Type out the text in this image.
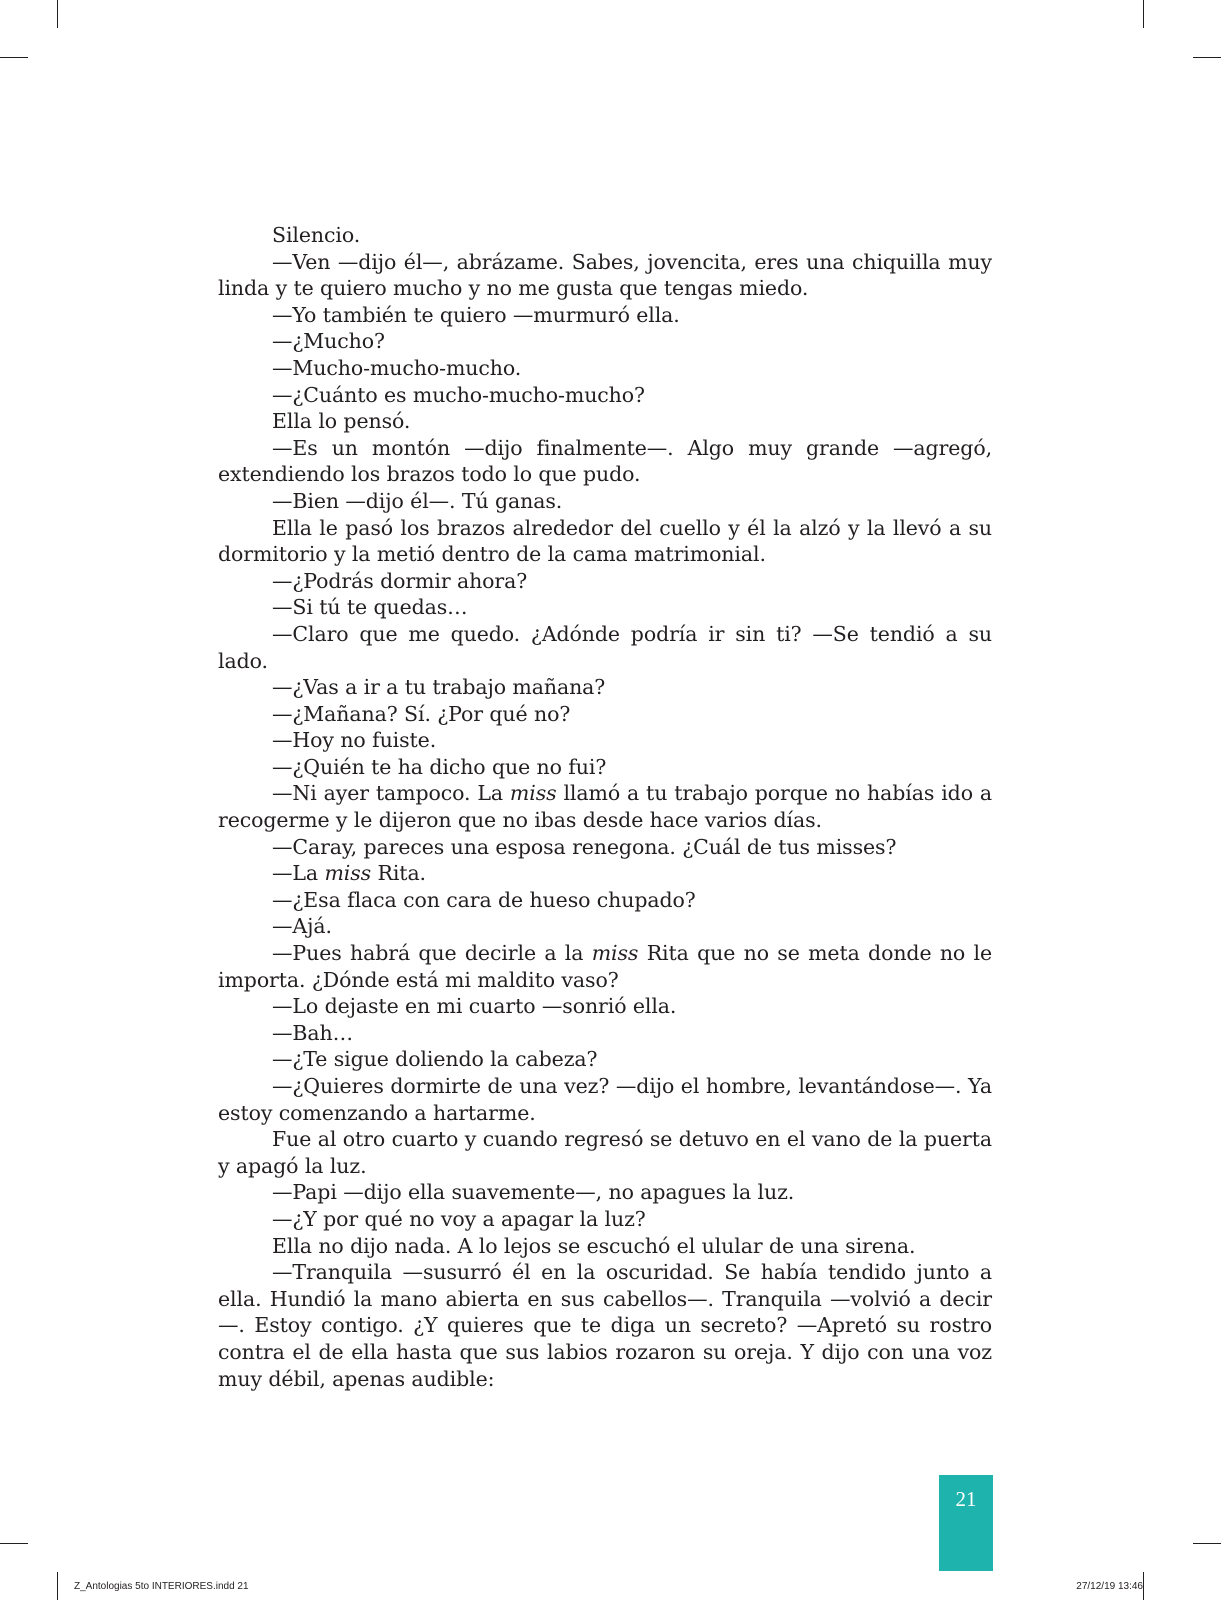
Silencio.

—Ven —dijo él—, abrázame. Sabes, jovencita, eres una chiquilla muy linda y te quiero mucho y no me gusta que tengas miedo.

—Yo también te quiero —murmuró ella.

—¿Mucho?

—Mucho-mucho-mucho.

—¿Cuánto es mucho-mucho-mucho?

Ella lo pensó.

—Es un montón —dijo finalmente—. Algo muy grande —agregó, extendiendo los brazos todo lo que pudo.

—Bien —dijo él—. Tú ganas.

Ella le pasó los brazos alrededor del cuello y él la alzó y la llevó a su dormitorio y la metió dentro de la cama matrimonial.

—¿Podrás dormir ahora?

—Si tú te quedas…

—Claro que me quedo. ¿Adónde podría ir sin ti? —Se tendió a su lado.

—¿Vas a ir a tu trabajo mañana?

—¿Mañana? Sí. ¿Por qué no?

—Hoy no fuiste.

—¿Quién te ha dicho que no fui?

—Ni ayer tampoco. La miss llamó a tu trabajo porque no habías ido a recogerme y le dijeron que no ibas desde hace varios días.

—Caray, pareces una esposa renegona. ¿Cuál de tus misses?

—La miss Rita.

—¿Esa flaca con cara de hueso chupado?

—Ajá.

—Pues habrá que decirle a la miss Rita que no se meta donde no le importa. ¿Dónde está mi maldito vaso?

—Lo dejaste en mi cuarto —sonrió ella.

—Bah…

—¿Te sigue doliendo la cabeza?

—¿Quieres dormirte de una vez? —dijo el hombre, levantándose—. Ya estoy comenzando a hartarme.

Fue al otro cuarto y cuando regresó se detuvo en el vano de la puerta y apagó la luz.

—Papi —dijo ella suavemente—, no apagues la luz.

—¿Y por qué no voy a apagar la luz?

Ella no dijo nada. A lo lejos se escuchó el ulular de una sirena.

—Tranquila —susurró él en la oscuridad. Se había tendido junto a ella. Hundió la mano abierta en sus cabellos—. Tranquila —volvió a decir—. Estoy contigo. ¿Y quieres que te diga un secreto? —Apretó su rostro contra el de ella hasta que sus labios rozaron su oreja. Y dijo con una voz muy débil, apenas audible:

21
Z_Antologias 5to INTERIORES.indd 21	27/12/19 13:46
